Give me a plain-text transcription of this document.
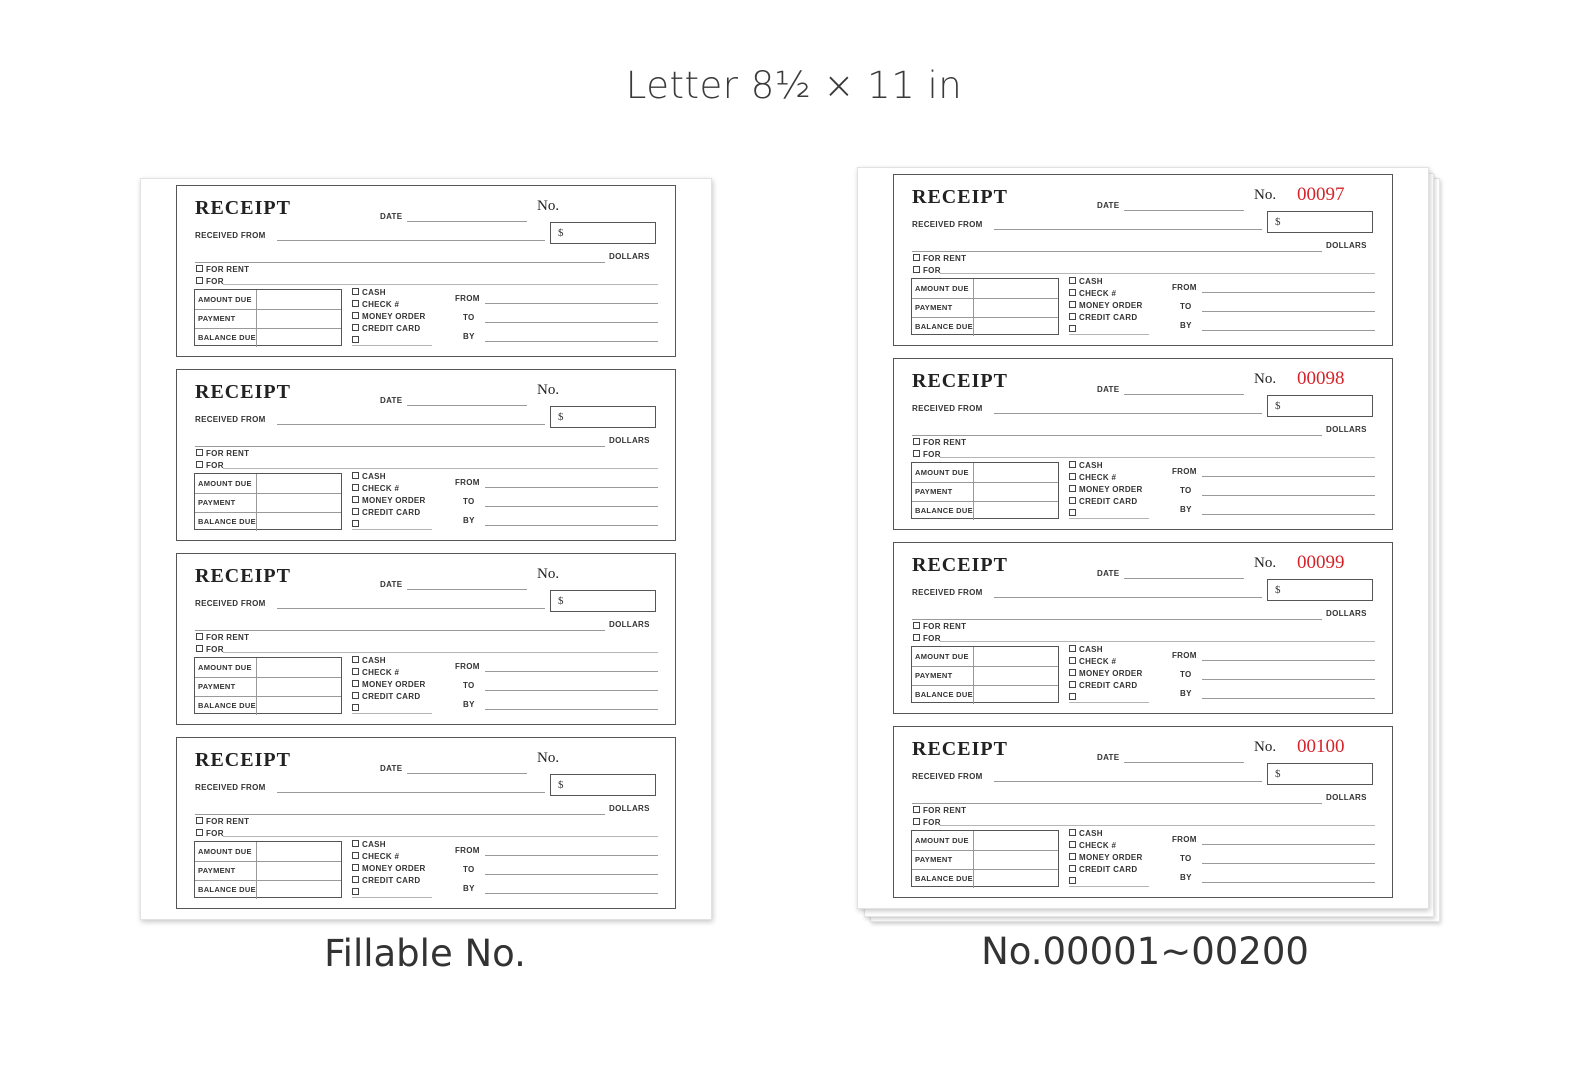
Letter 8½ × 11 in
RECEIPT	DATE
No.
RECEIVED FROM	$
DOLLARS
FOR RENT
FOR
AMOUNT DUE
PAYMENT
BALANCE DUE
CASH
CHECK #
MONEY ORDER
CREDIT CARD
FROM
TO
BY
RECEIPT	DATE
No.
RECEIVED FROM	$
DOLLARS
FOR RENT
FOR
AMOUNT DUE
PAYMENT
BALANCE DUE
CASH
CHECK #
MONEY ORDER
CREDIT CARD
FROM
TO
BY
RECEIPT	DATE
No.
RECEIVED FROM	$
DOLLARS
FOR RENT
FOR
AMOUNT DUE
PAYMENT
BALANCE DUE
CASH
CHECK #
MONEY ORDER
CREDIT CARD
FROM
TO
BY
RECEIPT	DATE
No.
RECEIVED FROM	$
DOLLARS
FOR RENT
FOR
AMOUNT DUE
PAYMENT
BALANCE DUE
CASH
CHECK #
MONEY ORDER
CREDIT CARD
FROM
TO
BY
RECEIPT	DATE
No. 00097
RECEIVED FROM	$
DOLLARS
FOR RENT
FOR
AMOUNT DUE
PAYMENT
BALANCE DUE
CASH
CHECK #
MONEY ORDER
CREDIT CARD
FROM
TO
BY
RECEIPT	DATE
No. 00098
RECEIVED FROM	$
DOLLARS
FOR RENT
FOR
AMOUNT DUE
PAYMENT
BALANCE DUE
CASH
CHECK #
MONEY ORDER
CREDIT CARD
FROM
TO
BY
RECEIPT	DATE
No. 00099
RECEIVED FROM	$
DOLLARS
FOR RENT
FOR
AMOUNT DUE
PAYMENT
BALANCE DUE
CASH
CHECK #
MONEY ORDER
CREDIT CARD
FROM
TO
BY
RECEIPT	DATE
No. 00100
RECEIVED FROM	$
DOLLARS
FOR RENT
FOR
AMOUNT DUE
PAYMENT
BALANCE DUE
CASH
CHECK #
MONEY ORDER
CREDIT CARD
FROM
TO
BY
Fillable No.	No.00001~00200
